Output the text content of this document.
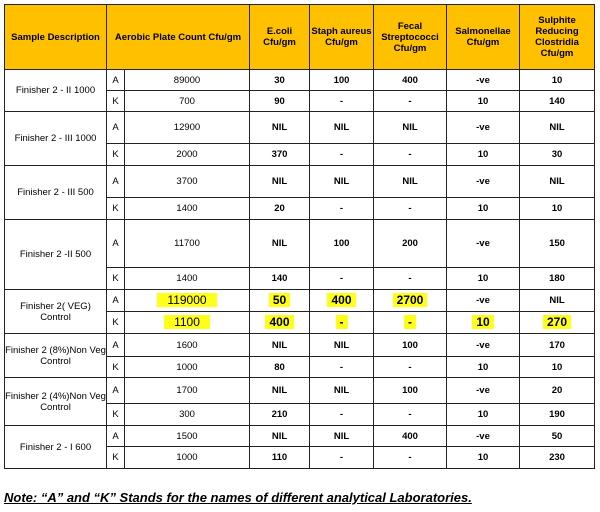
Sample Description	Aerobic Plate Count Cfu/gm		E.coli Cfu/gm	Staph aureus Cfu/gm	Fecal Streptococci Cfu/gm	Salmonellae Cfu/gm	Sulphite Reducing Clostridia Cfu/gm
Finisher 2 - II 1000	A	89000	30	100	400	-ve	10
	K	700	90	-	-	10	140
Finisher 2 - III 1000	A	12900	NIL	NIL	NIL	-ve	NIL
	K	2000	370	-	-	10	30
Finisher 2 - III 500	A	3700	NIL	NIL	NIL	-ve	NIL
	K	1400	20	-	-	10	10
Finisher 2 -II 500	A	11700	NIL	100	200	-ve	150
	K	1400	140	-	-	10	180
Finisher 2( VEG) Control	A	119000	50	400	2700	-ve	NIL
	K	1100	400	-	-	10	270
Finisher 2 (8%)Non Veg Control	A	1600	NIL	NIL	100	-ve	170
	K	1000	80	-	-	10	10
Finisher 2 (4%)Non Veg Control	A	1700	NIL	NIL	100	-ve	20
	K	300	210	-	-	10	190
Finisher 2 - I 600	A	1500	NIL	NIL	400	-ve	50
	K	1000	110	-	-	10	230
Note: “A” and “K” Stands for the names of different analytical Laboratories.
